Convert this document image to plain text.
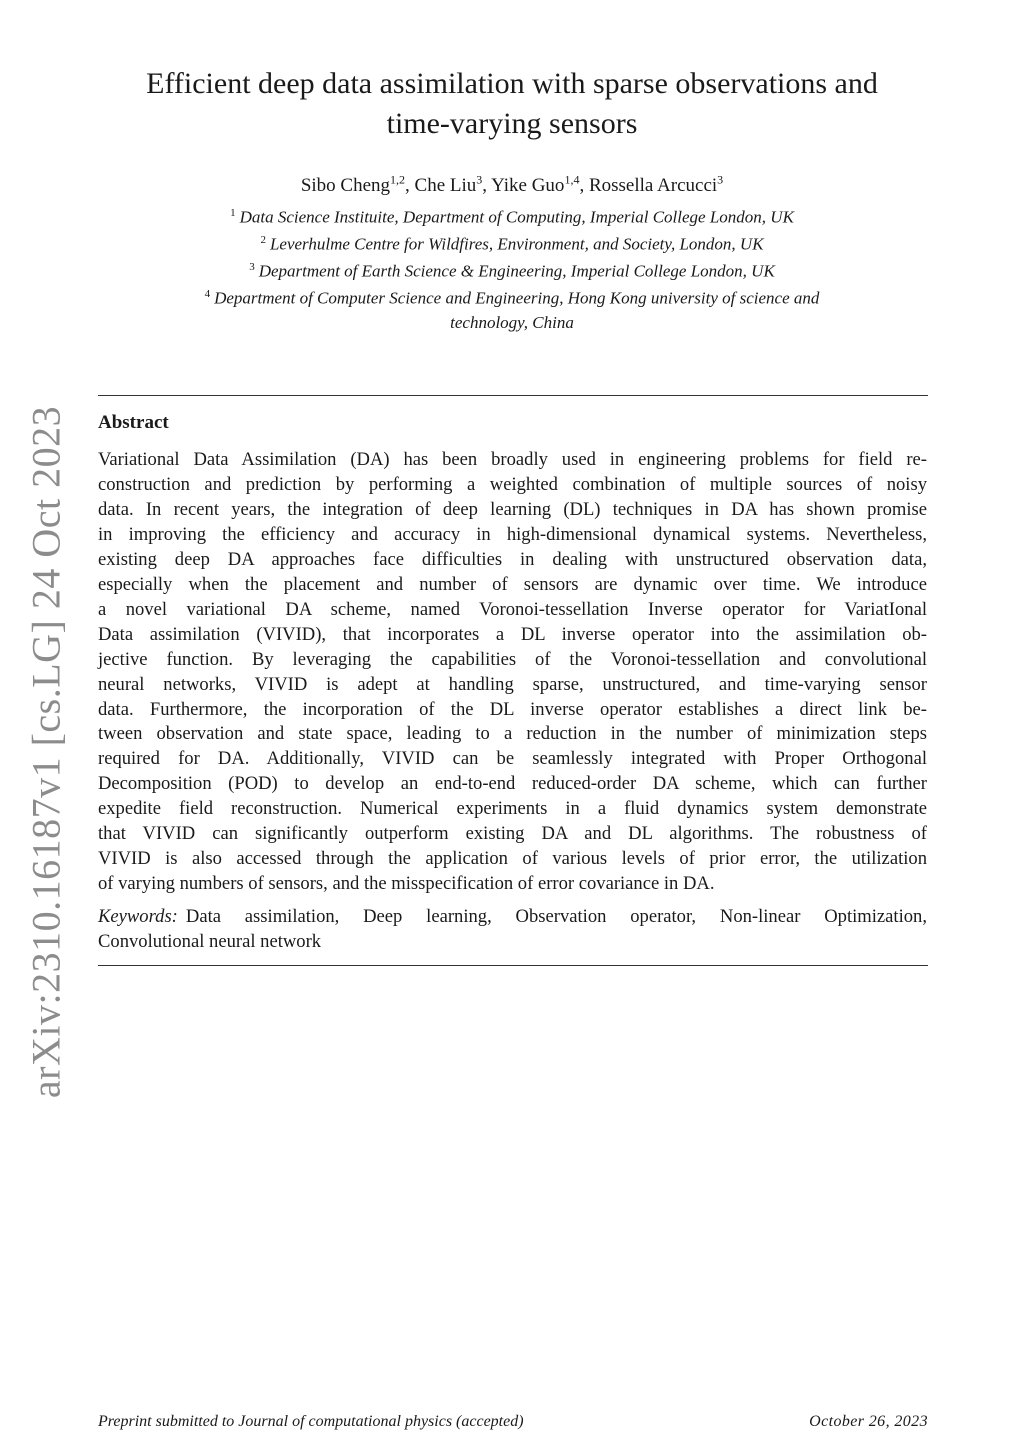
arXiv:2310.16187v1 [cs.LG] 24 Oct 2023
Efficient deep data assimilation with sparse observations and
time-varying sensors
Sibo Cheng$^{1,2}$, Che Liu$^3$, Yike Guo$^{1,4}$, Rossella Arcucci$^3$
$^1$ Data Science Instituite, Department of Computing, Imperial College London, UK
$^2$ Leverhulme Centre for Wildfires, Environment, and Society, London, UK
$^3$ Department of Earth Science & Engineering, Imperial College London, UK
$^4$ Department of Computer Science and Engineering, Hong Kong university of science and
technology, China
Abstract
Variational Data Assimilation (DA) has been broadly used in engineering problems for field re-
construction and prediction by performing a weighted combination of multiple sources of noisy
data. In recent years, the integration of deep learning (DL) techniques in DA has shown promise
in improving the efficiency and accuracy in high-dimensional dynamical systems. Nevertheless,
existing deep DA approaches face difficulties in dealing with unstructured observation data,
especially when the placement and number of sensors are dynamic over time. We introduce
a novel variational DA scheme, named Voronoi-tessellation Inverse operator for VariatIonal
Data assimilation (VIVID), that incorporates a DL inverse operator into the assimilation ob-
jective function. By leveraging the capabilities of the Voronoi-tessellation and convolutional
neural networks, VIVID is adept at handling sparse, unstructured, and time-varying sensor
data. Furthermore, the incorporation of the DL inverse operator establishes a direct link be-
tween observation and state space, leading to a reduction in the number of minimization steps
required for DA. Additionally, VIVID can be seamlessly integrated with Proper Orthogonal
Decomposition (POD) to develop an end-to-end reduced-order DA scheme, which can further
expedite field reconstruction. Numerical experiments in a fluid dynamics system demonstrate
that VIVID can significantly outperform existing DA and DL algorithms. The robustness of
VIVID is also accessed through the application of various levels of prior error, the utilization
of varying numbers of sensors, and the misspecification of error covariance in DA.
Keywords: Data assimilation, Deep learning, Observation operator, Non-linear Optimization,
Convolutional neural network
Preprint submitted to Journal of computational physics (accepted)	October 26, 2023
